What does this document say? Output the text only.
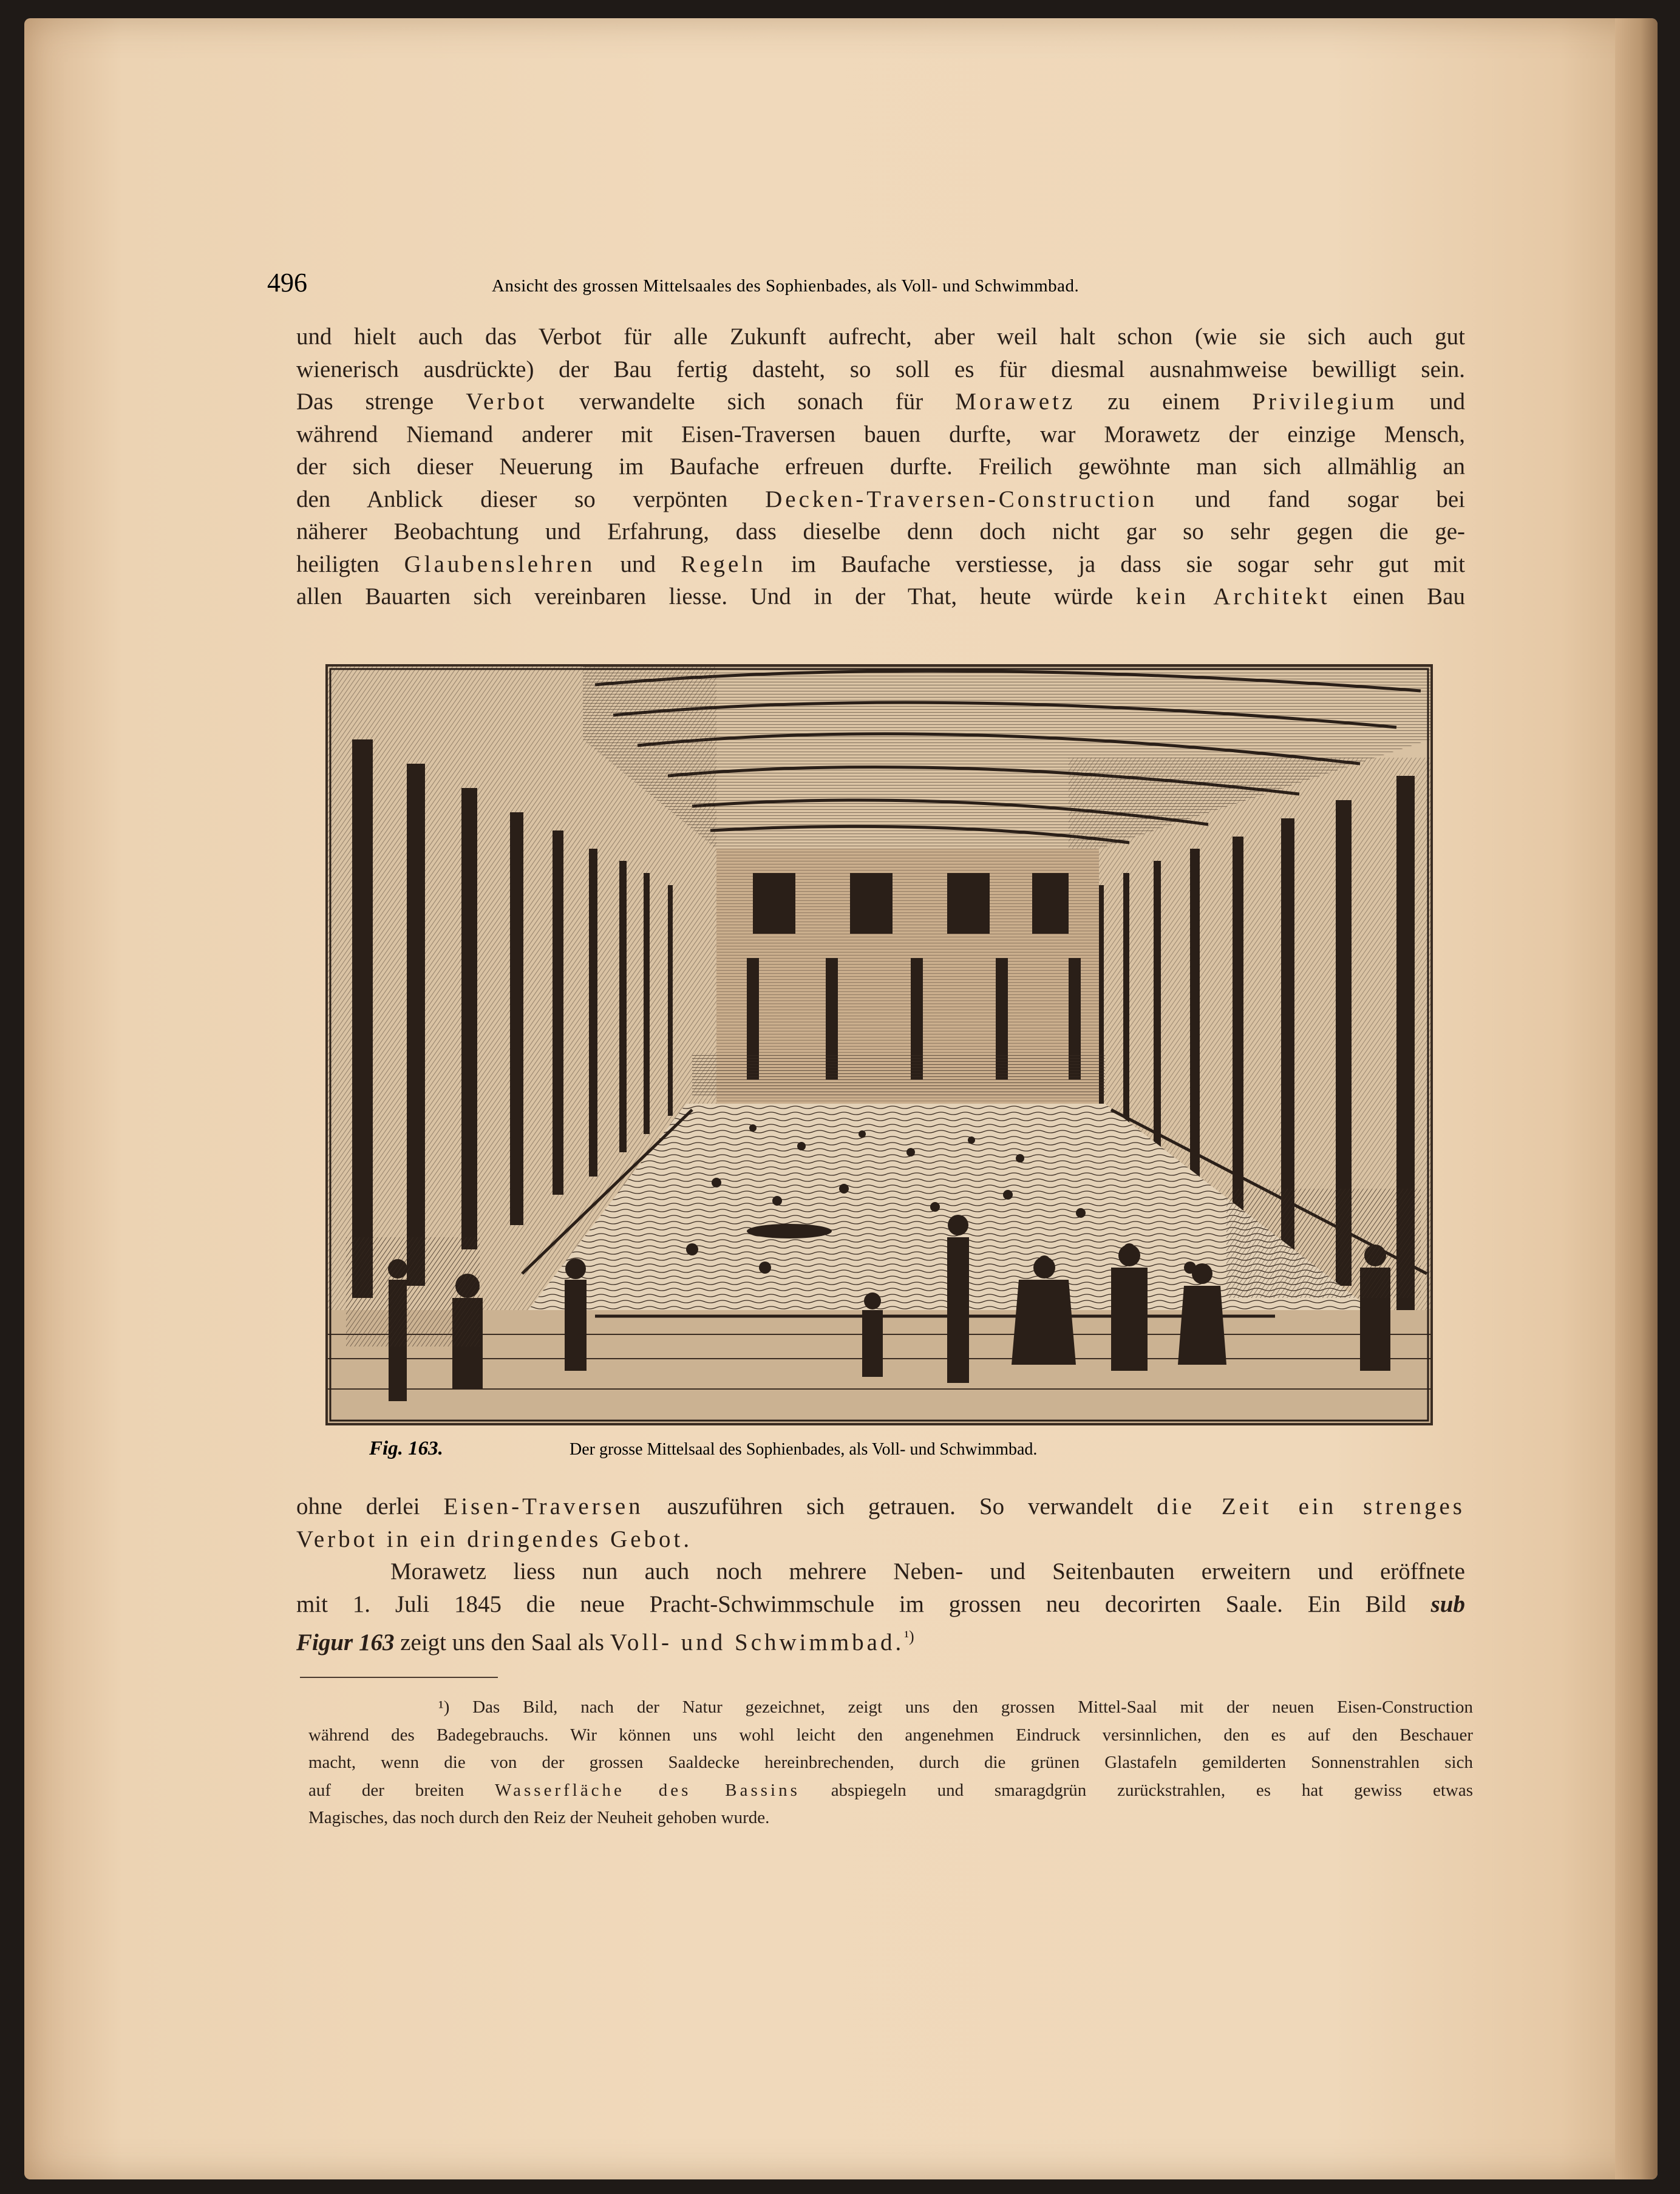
496	Ansicht des grossen Mittelsaales des Sophienbades, als Voll- und Schwimmbad.
und hielt auch das Verbot für alle Zukunft aufrecht, aber weil halt schon (wie sie sich auch gut
wienerisch ausdrückte) der Bau fertig dasteht, so soll es für diesmal ausnahmweise bewilligt sein.
Das strenge Verbot verwandelte sich sonach für Morawetz zu einem Privilegium und
während Niemand anderer mit Eisen-Traversen bauen durfte, war Morawetz der einzige Mensch,
der sich dieser Neuerung im Baufache erfreuen durfte. Freilich gewöhnte man sich allmählig an
den Anblick dieser so verpönten Decken-Traversen-Construction und fand sogar bei
näherer Beobachtung und Erfahrung, dass dieselbe denn doch nicht gar so sehr gegen die ge-
heiligten Glaubenslehren und Regeln im Baufache verstiesse, ja dass sie sogar sehr gut mit
allen Bauarten sich vereinbaren liesse. Und in der That, heute würde kein Architekt einen Bau
Fig. 163.	Der grosse Mittelsaal des Sophienbades, als Voll- und Schwimmbad.
ohne derlei Eisen-Traversen auszuführen sich getrauen. So verwandelt die Zeit ein strenges
Verbot in ein dringendes Gebot.
Morawetz liess nun auch noch mehrere Neben- und Seitenbauten erweitern und eröffnete
mit 1. Juli 1845 die neue Pracht-Schwimmschule im grossen neu decorirten Saale. Ein Bild sub
Figur 163 zeigt uns den Saal als Voll- und Schwimmbad.$^{^1)}$
¹) Das Bild, nach der Natur gezeichnet, zeigt uns den grossen Mittel-Saal mit der neuen Eisen-Construction
während des Badegebrauchs. Wir können uns wohl leicht den angenehmen Eindruck versinnlichen, den es auf den Beschauer
macht, wenn die von der grossen Saaldecke hereinbrechenden, durch die grünen Glastafeln gemilderten Sonnenstrahlen sich
auf der breiten Wasserfläche des Bassins abspiegeln und smaragdgrün zurückstrahlen, es hat gewiss etwas
Magisches, das noch durch den Reiz der Neuheit gehoben wurde.
